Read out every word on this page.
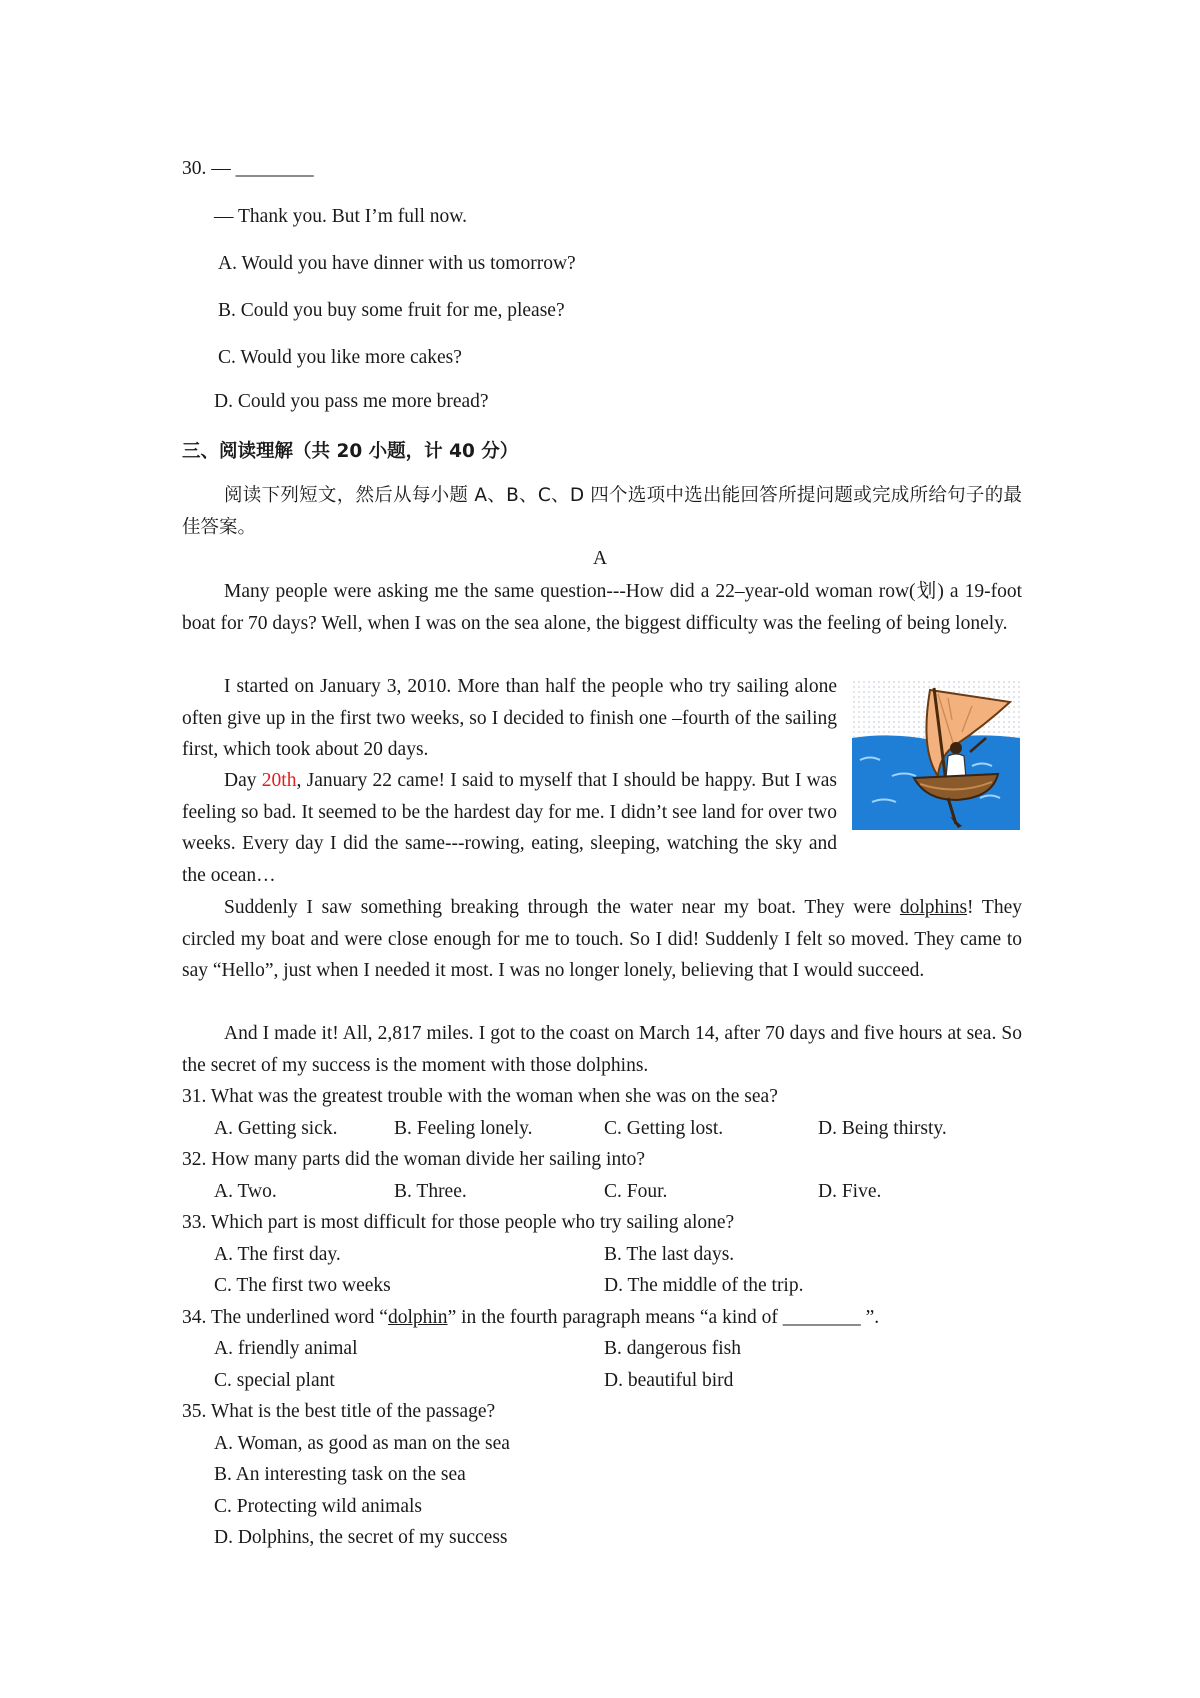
30. — ________
— Thank you. But I’m full now.
A. Would you have dinner with us tomorrow?
B. Could you buy some fruit for me, please?
C. Would you like more cakes?
D. Could you pass me more bread?
三、阅读理解（共 20 小题，计 40 分）
阅读下列短文，然后从每小题 A、B、C、D 四个选项中选出能回答所提问题或完成所给句子的最佳答案。
A
Many people were asking me the same question---How did a 22–year-old woman row(划) a 19-foot boat for 70 days? Well, when I was on the sea alone, the biggest difficulty was the feeling of being lonely.
I started on January 3, 2010. More than half the people who try sailing alone often give up in the first two weeks, so I decided to finish one –fourth of the sailing first, which took about 20 days.
Day 20th, January 22 came! I said to myself that I should be happy. But I was feeling so bad. It seemed to be the hardest day for me. I didn’t see land for over two weeks. Every day I did the same---rowing, eating, sleeping, watching the sky and the ocean…
Suddenly I saw something breaking through the water near my boat. They were dolphins! They circled my boat and were close enough for me to touch. So I did! Suddenly I felt so moved. They came to say “Hello”, just when I needed it most. I was no longer lonely, believing that I would succeed.
And I made it! All, 2,817 miles. I got to the coast on March 14, after 70 days and five hours at sea. So the secret of my success is the moment with those dolphins.
31. What was the greatest trouble with the woman when she was on the sea?
A. Getting sick.	B. Feeling lonely.	C. Getting lost.	D. Being thirsty.
32. How many parts did the woman divide her sailing into?
A. Two.	B. Three.	C. Four.	D. Five.
33. Which part is most difficult for those people who try sailing alone?
A. The first day.	B. The last days.
C. The first two weeks	D. The middle of the trip.
34. The underlined word “dolphin” in the fourth paragraph means “a kind of ________ ”.
A. friendly animal	B. dangerous fish
C. special plant	D. beautiful bird
35. What is the best title of the passage?
A. Woman, as good as man on the sea
B. An interesting task on the sea
C. Protecting wild animals
D. Dolphins, the secret of my success
